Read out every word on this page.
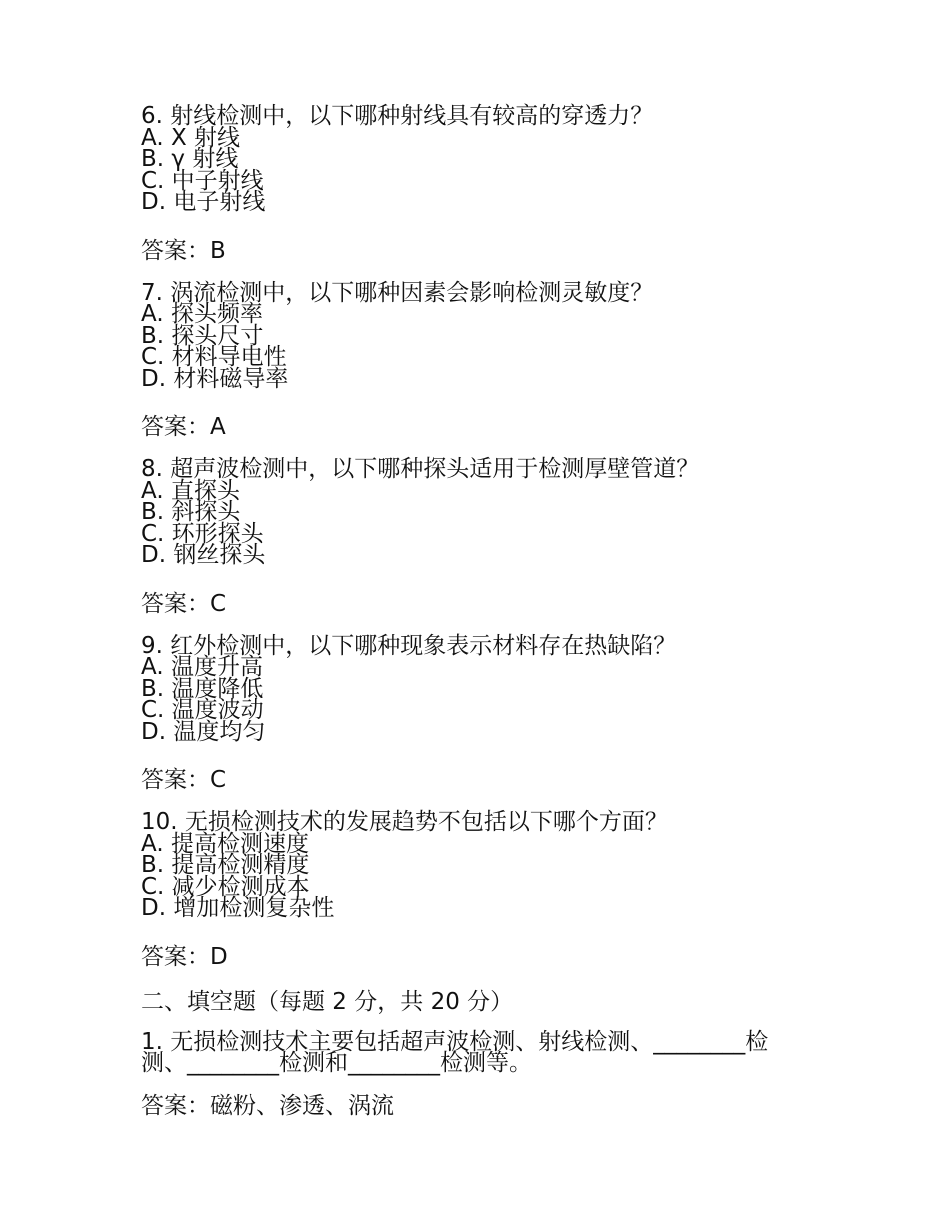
6. 射线检测中，以下哪种射线具有较高的穿透力？
A. X 射线
B. γ 射线
C. 中子射线
D. 电子射线
答案：B
7. 涡流检测中，以下哪种因素会影响检测灵敏度？
A. 探头频率
B. 探头尺寸
C. 材料导电性
D. 材料磁导率
答案：A
8. 超声波检测中，以下哪种探头适用于检测厚壁管道？
A. 直探头
B. 斜探头
C. 环形探头
D. 钢丝探头
答案：C
9. 红外检测中，以下哪种现象表示材料存在热缺陷？
A. 温度升高
B. 温度降低
C. 温度波动
D. 温度均匀
答案：C
10. 无损检测技术的发展趋势不包括以下哪个方面？
A. 提高检测速度
B. 提高检测精度
C. 减少检测成本
D. 增加检测复杂性
答案：D
二、填空题（每题 2 分，共 20 分）
1. 无损检测技术主要包括超声波检测、射线检测、________检
测、________检测和________检测等。
答案：磁粉、渗透、涡流
